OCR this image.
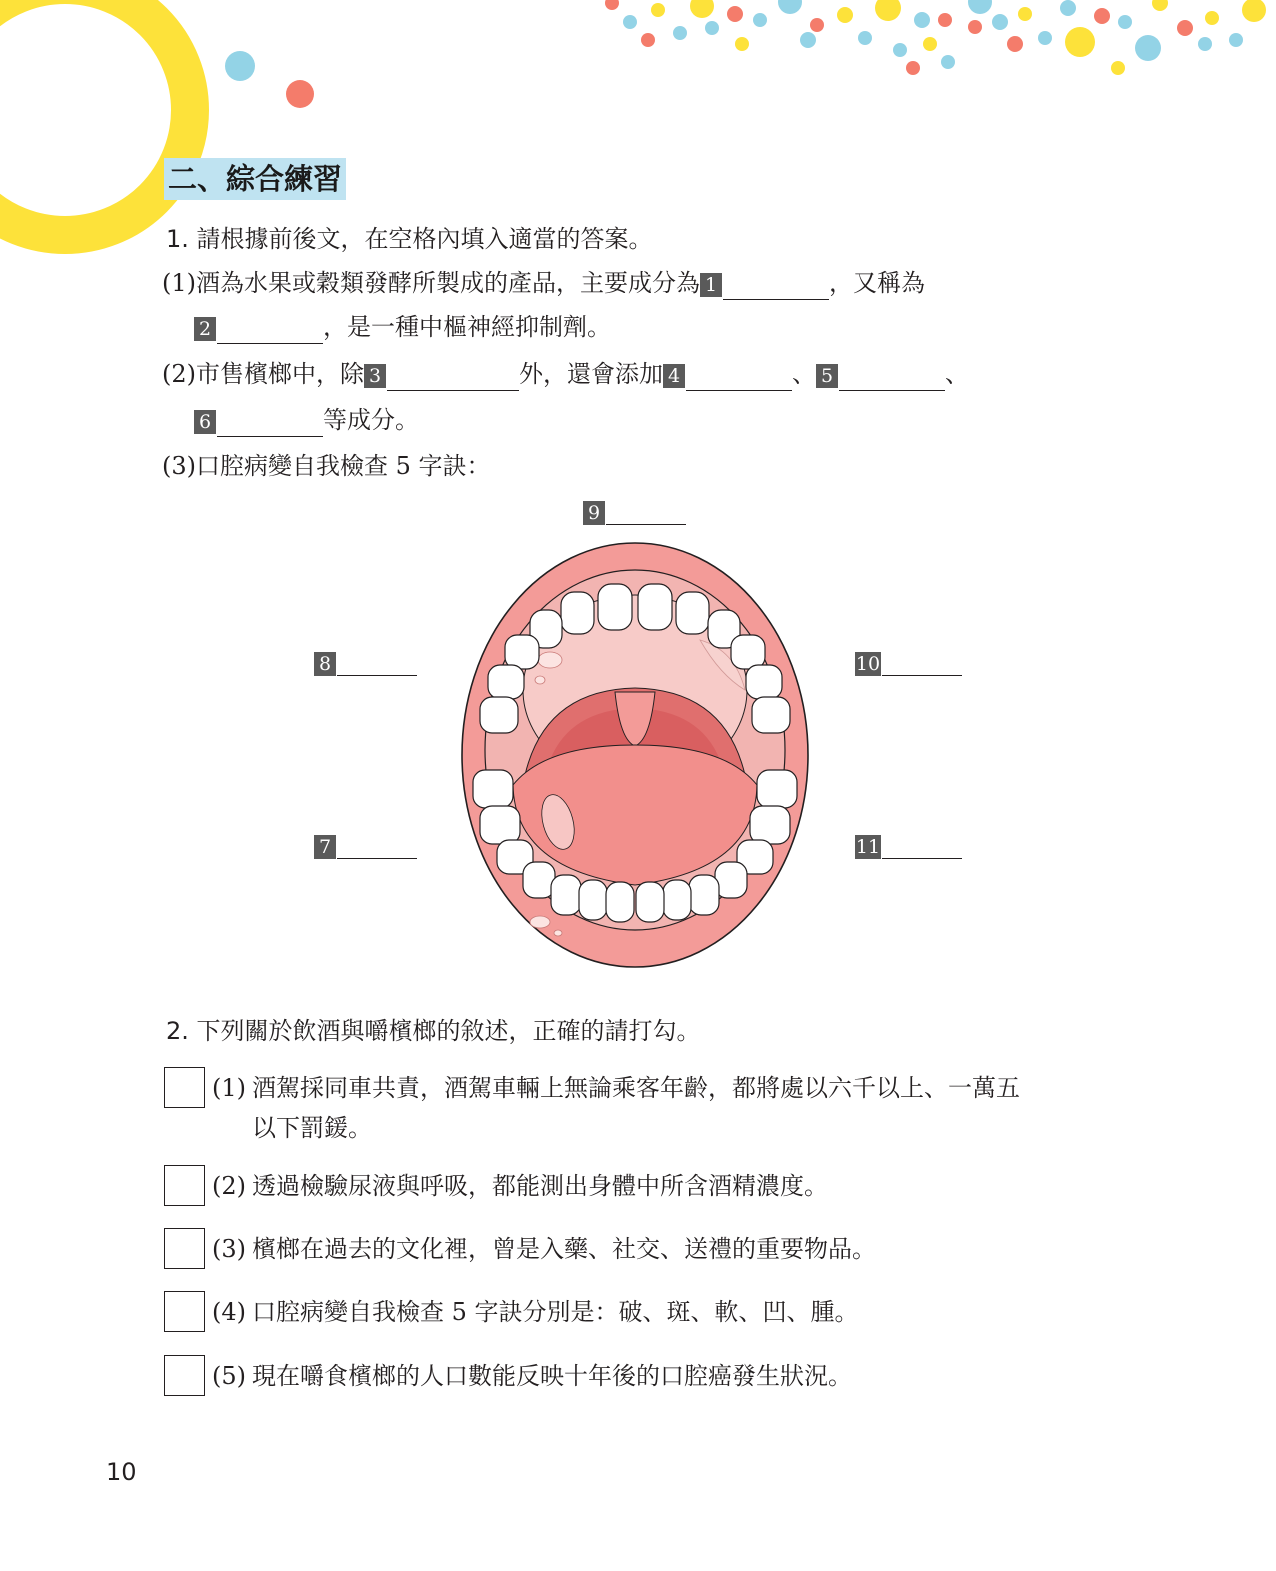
二、綜合練習
1. 請根據前後文，在空格內填入適當的答案。
(1)酒為水果或穀類發酵所製成的產品，主要成分為 1	，又稱為
2	，是一種中樞神經抑制劑。
(2)市售檳榔中，除 3	外，還會添加 4	、 5	、
6	等成分。
(3)口腔病變自我檢查 5 字訣：
9
8	10
7	11
2. 下列關於飲酒與嚼檳榔的敘述，正確的請打勾。
(1) 酒駕採同車共責，酒駕車輛上無論乘客年齡，都將處以六千以上、一萬五
以下罰鍰。
(2) 透過檢驗尿液與呼吸，都能測出身體中所含酒精濃度。
(3) 檳榔在過去的文化裡，曾是入藥、社交、送禮的重要物品。
(4) 口腔病變自我檢查 5 字訣分別是：破、斑、軟、凹、腫。
(5) 現在嚼食檳榔的人口數能反映十年後的口腔癌發生狀況。
10
